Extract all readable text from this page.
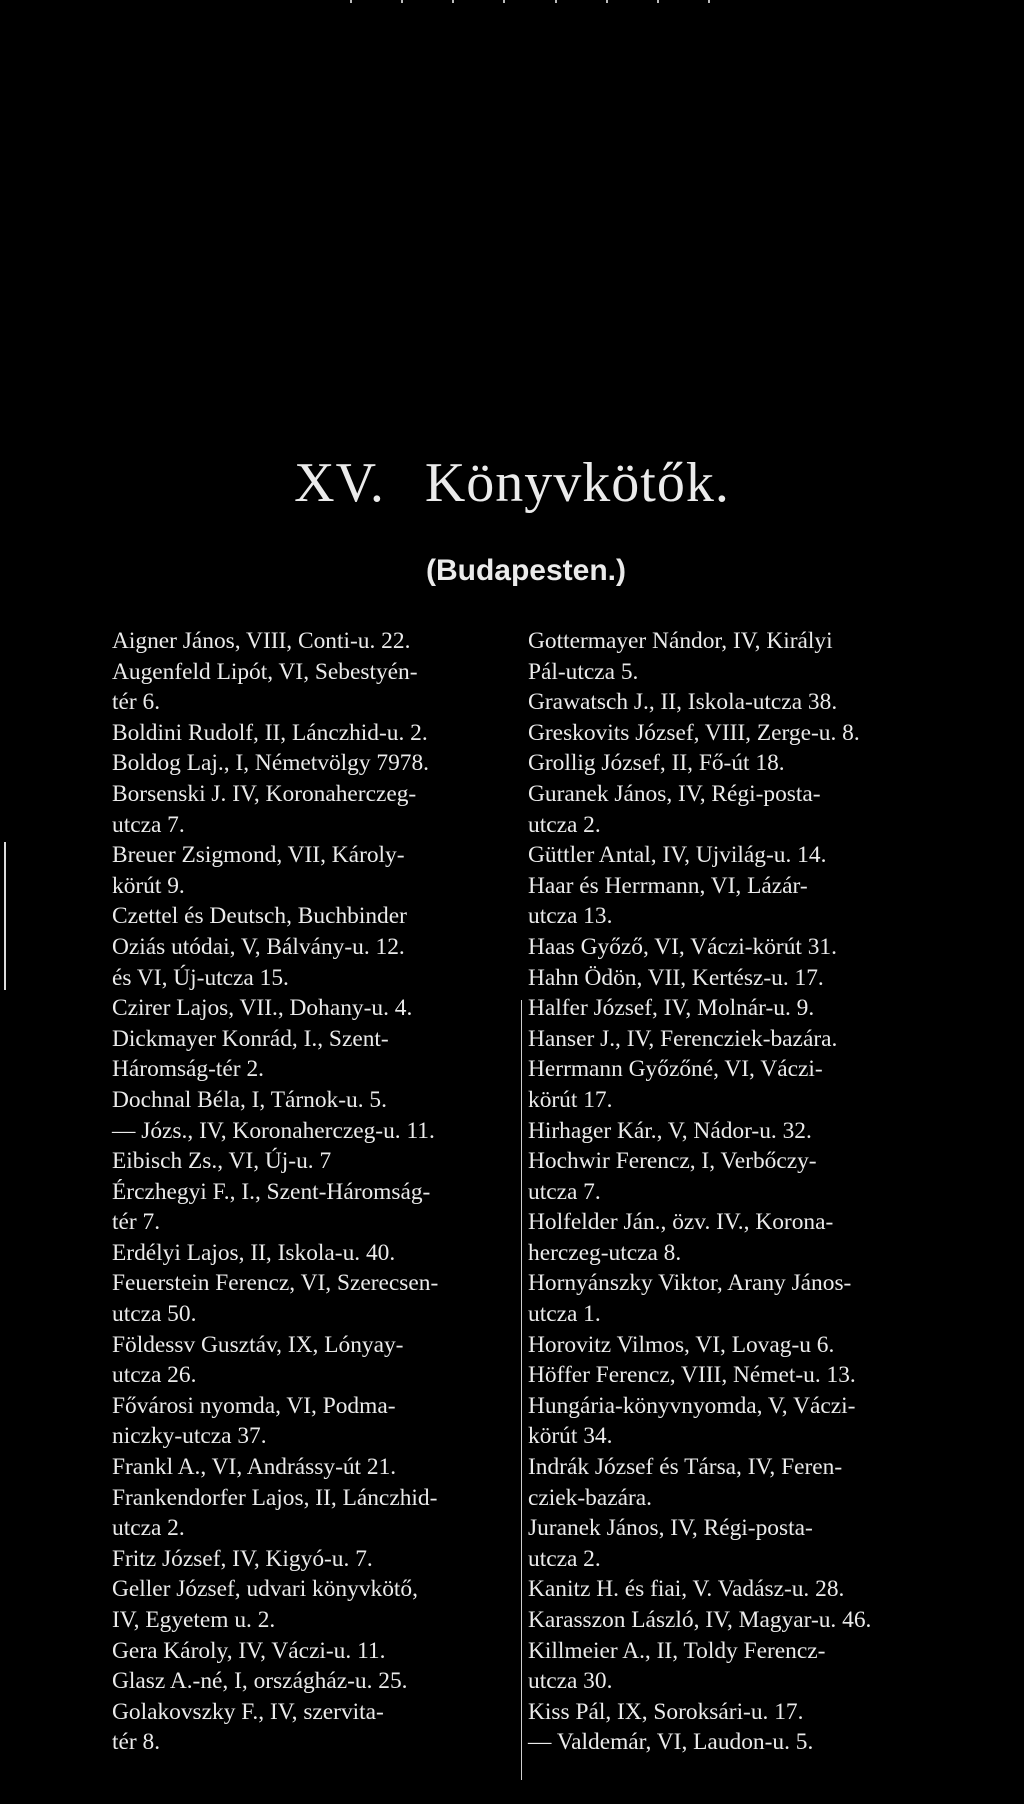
XV. Könyvkötők.
(Budapesten.)
Aigner János, VIII, Conti-u. 22.
Augenfeld Lipót, VI, Sebestyén-
tér 6.
Boldini Rudolf, II, Lánczhid-u. 2.
Boldog Laj., I, Németvölgy 7978.
Borsenski J. IV, Koronaherczeg-
utcza 7.
Breuer Zsigmond, VII, Károly-
körút 9.
Czettel és Deutsch, Buchbinder
Oziás utódai, V, Bálvány-u. 12.
és VI, Új-utcza 15.
Czirer Lajos, VII., Dohany-u. 4.
Dickmayer Konrád, I., Szent-
Háromság-tér 2.
Dochnal Béla, I, Tárnok-u. 5.
— Józs., IV, Koronaherczeg-u. 11.
Eibisch Zs., VI, Új-u. 7
Érczhegyi F., I., Szent-Háromság-
tér 7.
Erdélyi Lajos, II, Iskola-u. 40.
Feuerstein Ferencz, VI, Szerecsen-
utcza 50.
Földessv Gusztáv, IX, Lónyay-
utcza 26.
Fővárosi nyomda, VI, Podma-
niczky-utcza 37.
Frankl A., VI, Andrássy-út 21.
Frankendorfer Lajos, II, Lánczhid-
utcza 2.
Fritz József, IV, Kigyó-u. 7.
Geller József, udvari könyvkötő,
IV, Egyetem u. 2.
Gera Károly, IV, Váczi-u. 11.
Glasz A.-né, I, országház-u. 25.
Golakovszky F., IV, szervita-
tér 8.
Gottermayer Nándor, IV, Királyi
Pál-utcza 5.
Grawatsch J., II, Iskola-utcza 38.
Greskovits József, VIII, Zerge-u. 8.
Grollig József, II, Fő-út 18.
Guranek János, IV, Régi-posta-
utcza 2.
Güttler Antal, IV, Ujvilág-u. 14.
Haar és Herrmann, VI, Lázár-
utcza 13.
Haas Győző, VI, Váczi-körút 31.
Hahn Ödön, VII, Kertész-u. 17.
Halfer József, IV, Molnár-u. 9.
Hanser J., IV, Ferencziek-bazára.
Herrmann Győzőné, VI, Váczi-
körút 17.
Hirhager Kár., V, Nádor-u. 32.
Hochwir Ferencz, I, Verbőczy-
utcza 7.
Holfelder Ján., özv. IV., Korona-
herczeg-utcza 8.
Hornyánszky Viktor, Arany János-
utcza 1.
Horovitz Vilmos, VI, Lovag-u 6.
Höffer Ferencz, VIII, Német-u. 13.
Hungária-könyvnyomda, V, Váczi-
körút 34.
Indrák József és Társa, IV, Feren-
cziek-bazára.
Juranek János, IV, Régi-posta-
utcza 2.
Kanitz H. és fiai, V. Vadász-u. 28.
Karasszon László, IV, Magyar-u. 46.
Killmeier A., II, Toldy Ferencz-
utcza 30.
Kiss Pál, IX, Soroksári-u. 17.
— Valdemár, VI, Laudon-u. 5.
